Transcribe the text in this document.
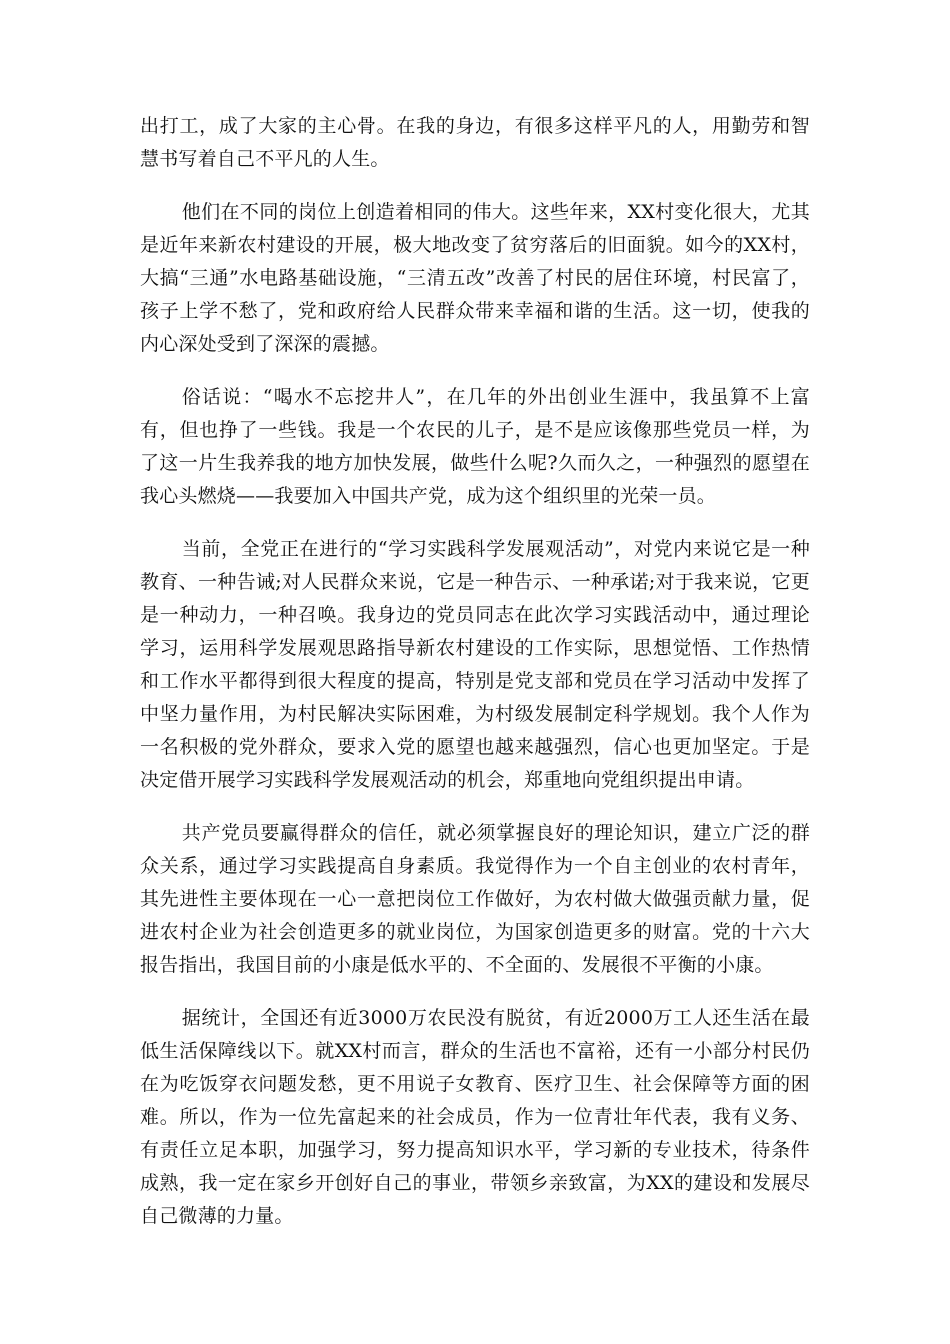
出打工，成了大家的主心骨。在我的身边，有很多这样平凡的人，用勤劳和智慧书写着自己不平凡的人生。

他们在不同的岗位上创造着相同的伟大。这些年来，XX村变化很大，尤其是近年来新农村建设的开展，极大地改变了贫穷落后的旧面貌。如今的XX村，大搞“三通”水电路基础设施，“三清五改”改善了村民的居住环境，村民富了，孩子上学不愁了，党和政府给人民群众带来幸福和谐的生活。这一切，使我的内心深处受到了深深的震撼。

俗话说：“喝水不忘挖井人”，在几年的外出创业生涯中，我虽算不上富有，但也挣了一些钱。我是一个农民的儿子，是不是应该像那些党员一样，为了这一片生我养我的地方加快发展，做些什么呢?久而久之，一种强烈的愿望在我心头燃烧——我要加入中国共产党，成为这个组织里的光荣一员。

当前，全党正在进行的“学习实践科学发展观活动”，对党内来说它是一种教育、一种告诫;对人民群众来说，它是一种告示、一种承诺;对于我来说，它更是一种动力，一种召唤。我身边的党员同志在此次学习实践活动中，通过理论学习，运用科学发展观思路指导新农村建设的工作实际，思想觉悟、工作热情和工作水平都得到很大程度的提高，特别是党支部和党员在学习活动中发挥了中坚力量作用，为村民解决实际困难，为村级发展制定科学规划。我个人作为一名积极的党外群众，要求入党的愿望也越来越强烈，信心也更加坚定。于是决定借开展学习实践科学发展观活动的机会，郑重地向党组织提出申请。

共产党员要赢得群众的信任，就必须掌握良好的理论知识，建立广泛的群众关系，通过学习实践提高自身素质。我觉得作为一个自主创业的农村青年，其先进性主要体现在一心一意把岗位工作做好，为农村做大做强贡献力量，促进农村企业为社会创造更多的就业岗位，为国家创造更多的财富。党的十六大报告指出，我国目前的小康是低水平的、不全面的、发展很不平衡的小康。

据统计，全国还有近3000万农民没有脱贫，有近2000万工人还生活在最低生活保障线以下。就XX村而言，群众的生活也不富裕，还有一小部分村民仍在为吃饭穿衣问题发愁，更不用说子女教育、医疗卫生、社会保障等方面的困难。所以，作为一位先富起来的社会成员，作为一位青壮年代表，我有义务、有责任立足本职，加强学习，努力提高知识水平，学习新的专业技术，待条件成熟，我一定在家乡开创好自己的事业，带领乡亲致富，为XX的建设和发展尽自己微薄的力量。
